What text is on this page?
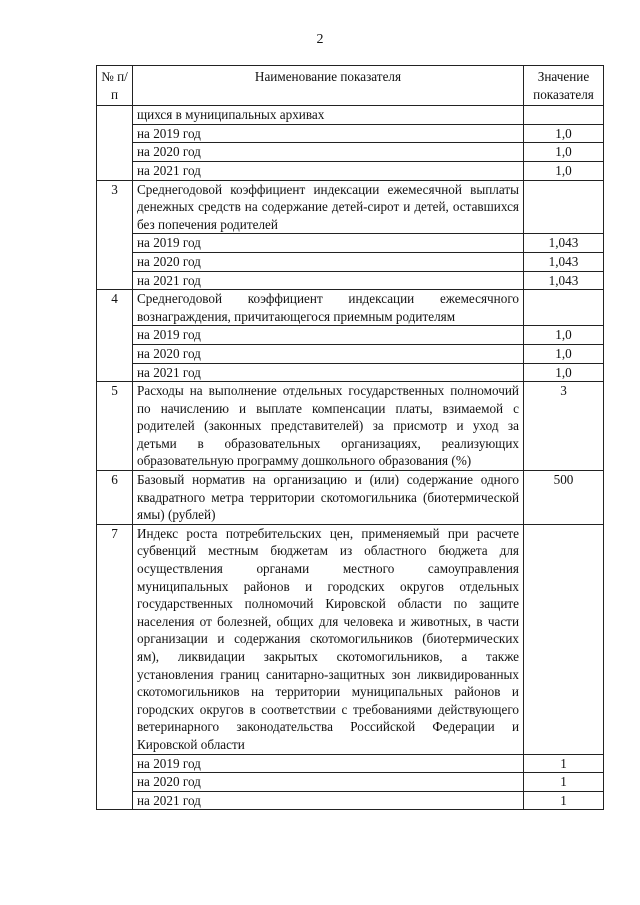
2
№ п/п	Наименование показателя	Значение показателя
	щихся в муниципальных архивах	
	на 2019 год	1,0
	на 2020 год	1,0
	на 2021 год	1,0
3	Среднегодовой коэффициент индексации ежемесячной выплаты денежных средств на содержание детей-сирот и детей, оставшихся без попечения родителей	
	на 2019 год	1,043
	на 2020 год	1,043
	на 2021 год	1,043
4	Среднегодовой коэффициент индексации ежемесячного вознаграждения, причитающегося приемным родителям	
	на 2019 год	1,0
	на 2020 год	1,0
	на 2021 год	1,0
5	Расходы на выполнение отдельных государственных полномочий по начислению и выплате компенсации платы, взимаемой с родителей (законных представителей) за присмотр и уход за детьми в образовательных организациях, реализующих образовательную программу дошкольного образования (%)	3
6	Базовый норматив на организацию и (или) содержание одного квадратного метра территории скотомогильника (биотермической ямы) (рублей)	500
7	Индекс роста потребительских цен, применяемый при расчете субвенций местным бюджетам из областного бюджета для осуществления органами местного самоуправления муниципальных районов и городских округов отдельных государственных полномочий Кировской области по защите населения от болезней, общих для человека и животных, в части организации и содержания скотомогильников (биотермических ям), ликвидации закрытых скотомогильников, а также установления границ санитарно-защитных зон ликвидированных скотомогильников на территории муниципальных районов и городских округов в соответствии с требованиями действующего ветеринарного законодательства Российской Федерации и Кировской области	
	на 2019 год	1
	на 2020 год	1
	на 2021 год	1
